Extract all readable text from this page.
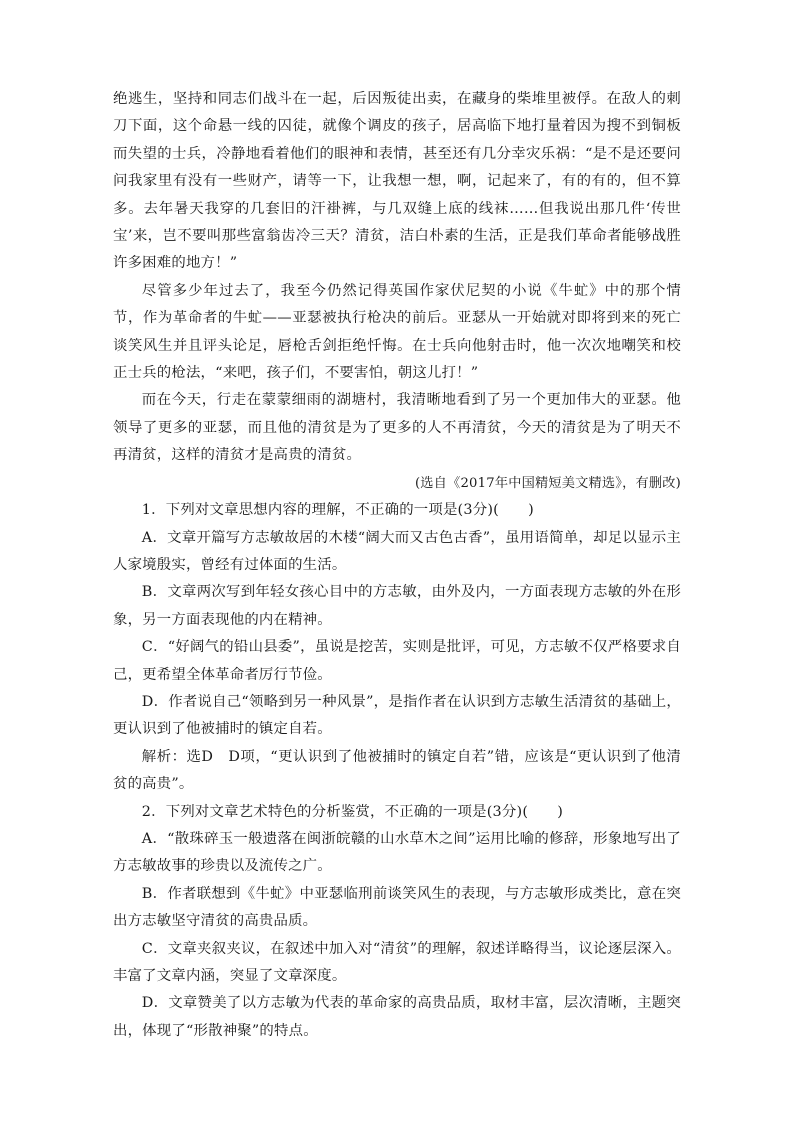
绝逃生，坚持和同志们战斗在一起，后因叛徒出卖，在藏身的柴堆里被俘。在敌人的刺刀下面，这个命悬一线的囚徒，就像个调皮的孩子，居高临下地打量着因为搜不到铜板而失望的士兵，冷静地看着他们的眼神和表情，甚至还有几分幸灾乐祸：“是不是还要问问我家里有没有一些财产，请等一下，让我想一想，啊，记起来了，有的有的，但不算多。去年暑天我穿的几套旧的汗褂裤，与几双缝上底的线袜……但我说出那几件‘传世宝’来，岂不要叫那些富翁齿冷三天？清贫，洁白朴素的生活，正是我们革命者能够战胜许多困难的地方！”

尽管多少年过去了，我至今仍然记得英国作家伏尼契的小说《牛虻》中的那个情节，作为革命者的牛虻——亚瑟被执行枪决的前后。亚瑟从一开始就对即将到来的死亡谈笑风生并且评头论足，唇枪舌剑拒绝忏悔。在士兵向他射击时，他一次次地嘲笑和校正士兵的枪法，“来吧，孩子们，不要害怕，朝这儿打！”

而在今天，行走在蒙蒙细雨的湖塘村，我清晰地看到了另一个更加伟大的亚瑟。他领导了更多的亚瑟，而且他的清贫是为了更多的人不再清贫，今天的清贫是为了明天不再清贫，这样的清贫才是高贵的清贫。

(选自《2017年中国精短美文精选》，有删改)

1．下列对文章思想内容的理解，不正确的一项是(3分)(　　)

A．文章开篇写方志敏故居的木楼“阔大而又古色古香”，虽用语简单，却足以显示主人家境殷实，曾经有过体面的生活。

B．文章两次写到年轻女孩心目中的方志敏，由外及内，一方面表现方志敏的外在形象，另一方面表现他的内在精神。

C．“好阔气的铅山县委”，虽说是挖苦，实则是批评，可见，方志敏不仅严格要求自己，更希望全体革命者厉行节俭。

D．作者说自己“领略到另一种风景”，是指作者在认识到方志敏生活清贫的基础上，更认识到了他被捕时的镇定自若。

解析：选D　D项，“更认识到了他被捕时的镇定自若”错，应该是“更认识到了他清贫的高贵”。

2．下列对文章艺术特色的分析鉴赏，不正确的一项是(3分)(　　)

A．“散珠碎玉一般遗落在闽浙皖赣的山水草木之间”运用比喻的修辞，形象地写出了方志敏故事的珍贵以及流传之广。

B．作者联想到《牛虻》中亚瑟临刑前谈笑风生的表现，与方志敏形成类比，意在突出方志敏坚守清贫的高贵品质。

C．文章夹叙夹议，在叙述中加入对“清贫”的理解，叙述详略得当，议论逐层深入。丰富了文章内涵，突显了文章深度。

D．文章赞美了以方志敏为代表的革命家的高贵品质，取材丰富，层次清晰，主题突出，体现了“形散神聚”的特点。
